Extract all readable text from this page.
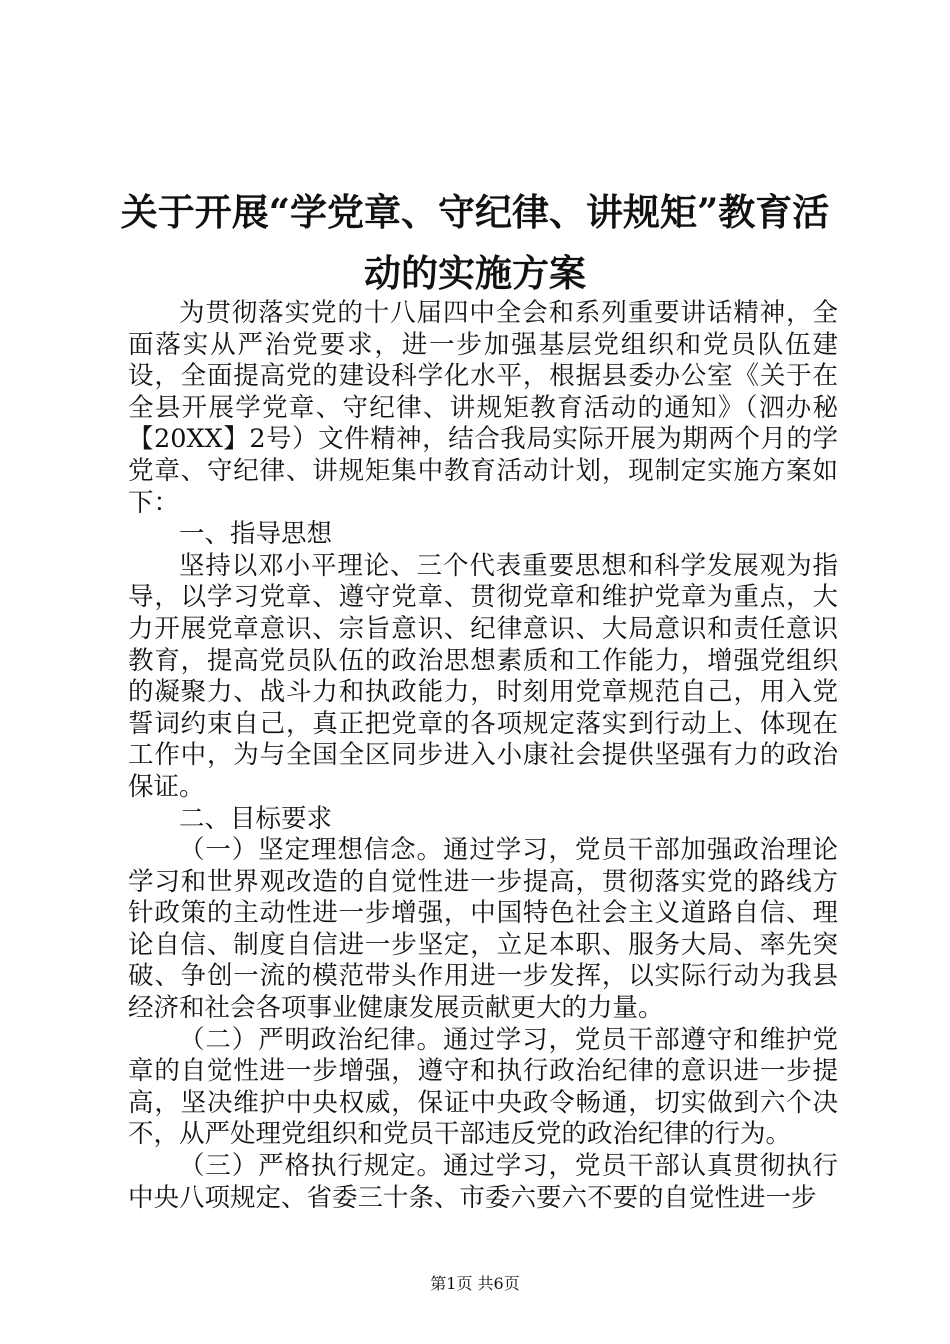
关于开展“学党章、守纪律、讲规矩”教育活
动的实施方案

为贯彻落实党的十八届四中全会和系列重要讲话精神，全面落实从严治党要求，进一步加强基层党组织和党员队伍建设，全面提高党的建设科学化水平，根据县委办公室《关于在全县开展学党章、守纪律、讲规矩教育活动的通知》（泗办秘【20XX】2号）文件精神，结合我局实际开展为期两个月的学党章、守纪律、讲规矩集中教育活动计划，现制定实施方案如下：

一、指导思想

坚持以邓小平理论、三个代表重要思想和科学发展观为指导，以学习党章、遵守党章、贯彻党章和维护党章为重点，大力开展党章意识、宗旨意识、纪律意识、大局意识和责任意识教育，提高党员队伍的政治思想素质和工作能力，增强党组织的凝聚力、战斗力和执政能力，时刻用党章规范自己，用入党誓词约束自己，真正把党章的各项规定落实到行动上、体现在工作中，为与全国全区同步进入小康社会提供坚强有力的政治保证。

二、目标要求

（一）坚定理想信念。通过学习，党员干部加强政治理论学习和世界观改造的自觉性进一步提高，贯彻落实党的路线方针政策的主动性进一步增强，中国特色社会主义道路自信、理论自信、制度自信进一步坚定，立足本职、服务大局、率先突破、争创一流的模范带头作用进一步发挥，以实际行动为我县经济和社会各项事业健康发展贡献更大的力量。

（二）严明政治纪律。通过学习，党员干部遵守和维护党章的自觉性进一步增强，遵守和执行政治纪律的意识进一步提高，坚决维护中央权威，保证中央政令畅通，切实做到六个决不，从严处理党组织和党员干部违反党的政治纪律的行为。

（三）严格执行规定。通过学习，党员干部认真贯彻执行中央八项规定、省委三十条、市委六要六不要的自觉性进一步

第1页 共6页
